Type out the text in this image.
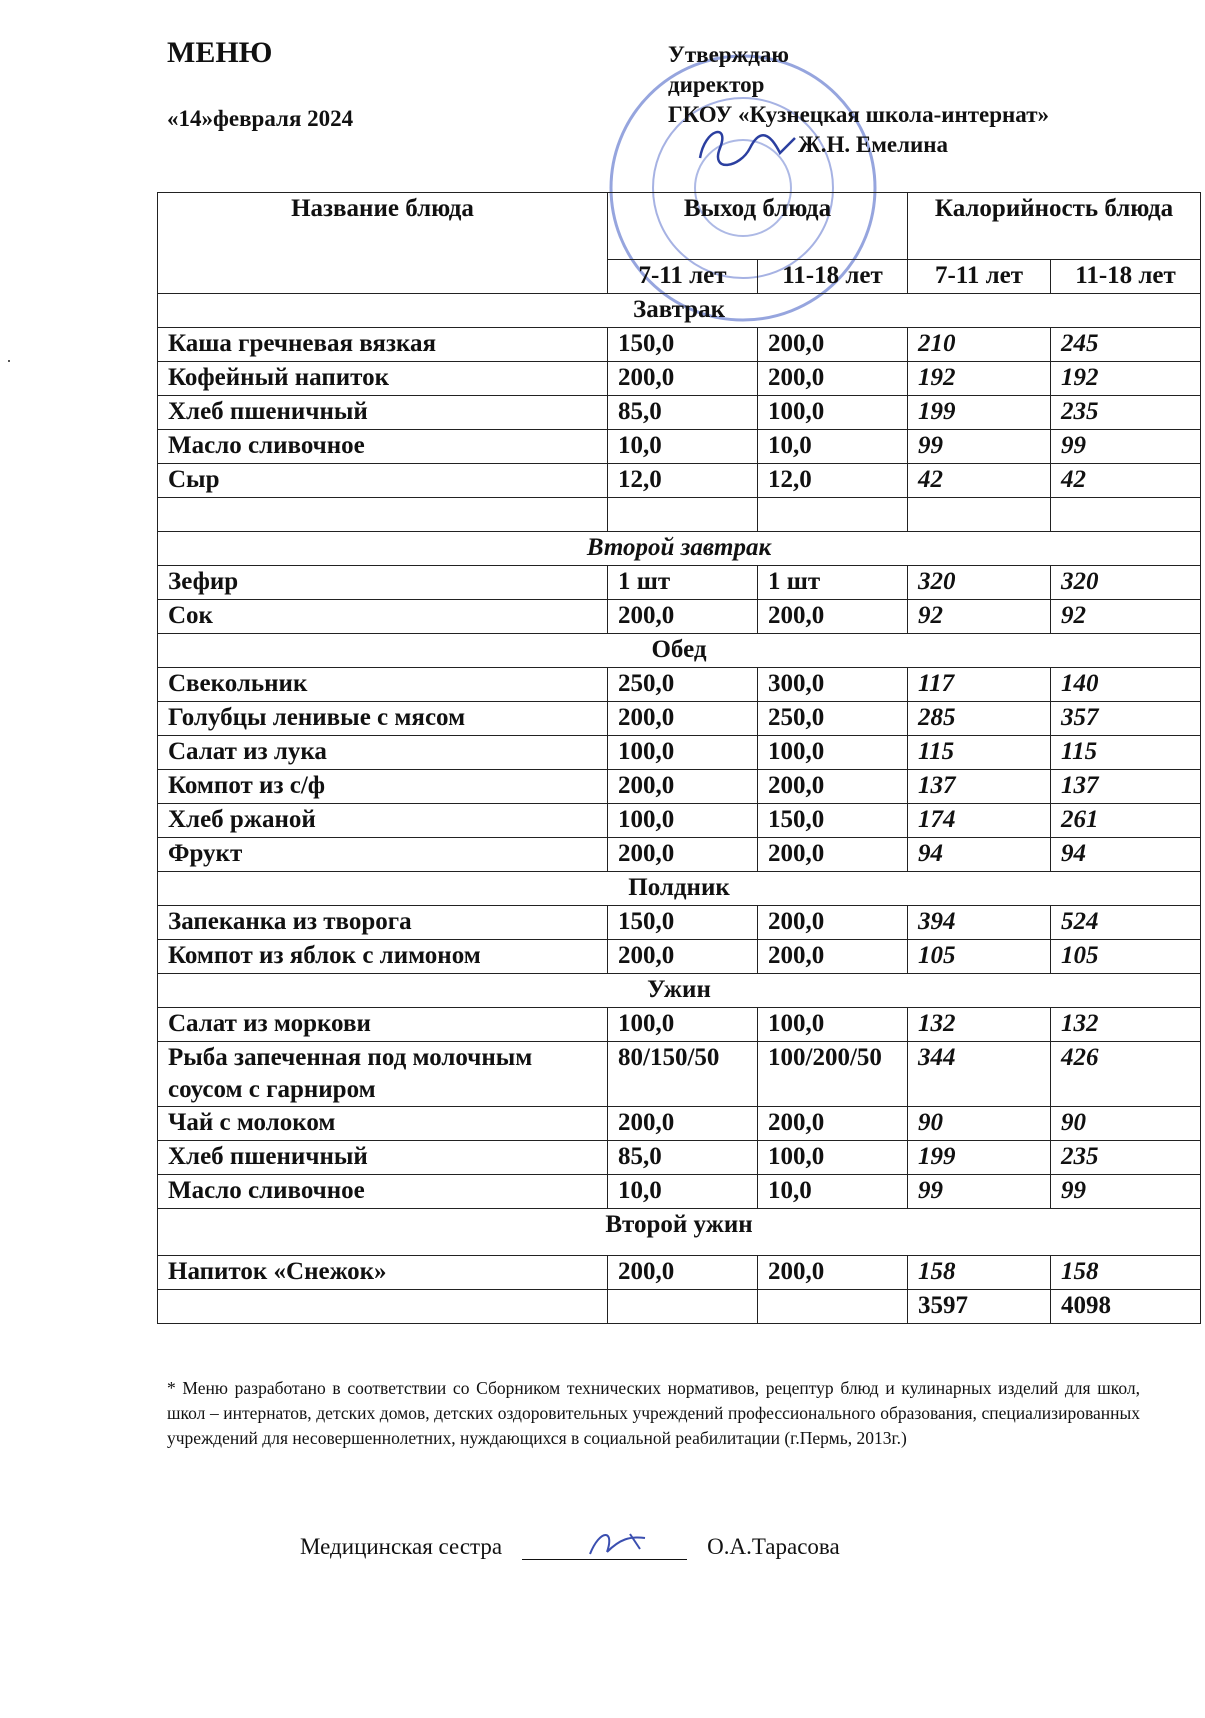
МЕНЮ
«14»февраля 2024
Утверждаю
директор
ГКОУ «Кузнецкая школа-интернат»
Ж.Н. Емелина
Название блюда	Выход блюда		Калорийность блюда	
	7-11 лет	11-18 лет	7-11 лет	11-18 лет
Завтрак				
Каша гречневая вязкая	150,0	200,0	210	245
Кофейный напиток	200,0	200,0	192	192
Хлеб пшеничный	85,0	100,0	199	235
Масло сливочное	10,0	10,0	99	99
Сыр	12,0	12,0	42	42

Второй завтрак				
Зефир	1 шт	1 шт	320	320
Сок	200,0	200,0	92	92
Обед				
Свекольник	250,0	300,0	117	140
Голубцы ленивые с мясом	200,0	250,0	285	357
Салат из лука	100,0	100,0	115	115
Компот из с/ф	200,0	200,0	137	137
Хлеб ржаной	100,0	150,0	174	261
Фрукт	200,0	200,0	94	94
Полдник				
Запеканка из творога	150,0	200,0	394	524
Компот из яблок с лимоном	200,0	200,0	105	105
Ужин				
Салат из моркови	100,0	100,0	132	132
Рыба запеченная под молочным соусом с гарниром	80/150/50	100/200/50	344	426
Чай с молоком	200,0	200,0	90	90
Хлеб пшеничный	85,0	100,0	199	235
Масло сливочное	10,0	10,0	99	99
Второй ужин				
Напиток «Снежок»	200,0	200,0	158	158
			3597	4098
* Меню разработано в соответствии со Сборником технических нормативов, рецептур блюд и кулинарных изделий для школ, школ – интернатов, детских домов, детских оздоровительных учреждений профессионального образования, специализированных учреждений для несовершеннолетних, нуждающихся в социальной реабилитации (г.Пермь, 2013г.)
Медицинская сестра	О.А.Тарасова
